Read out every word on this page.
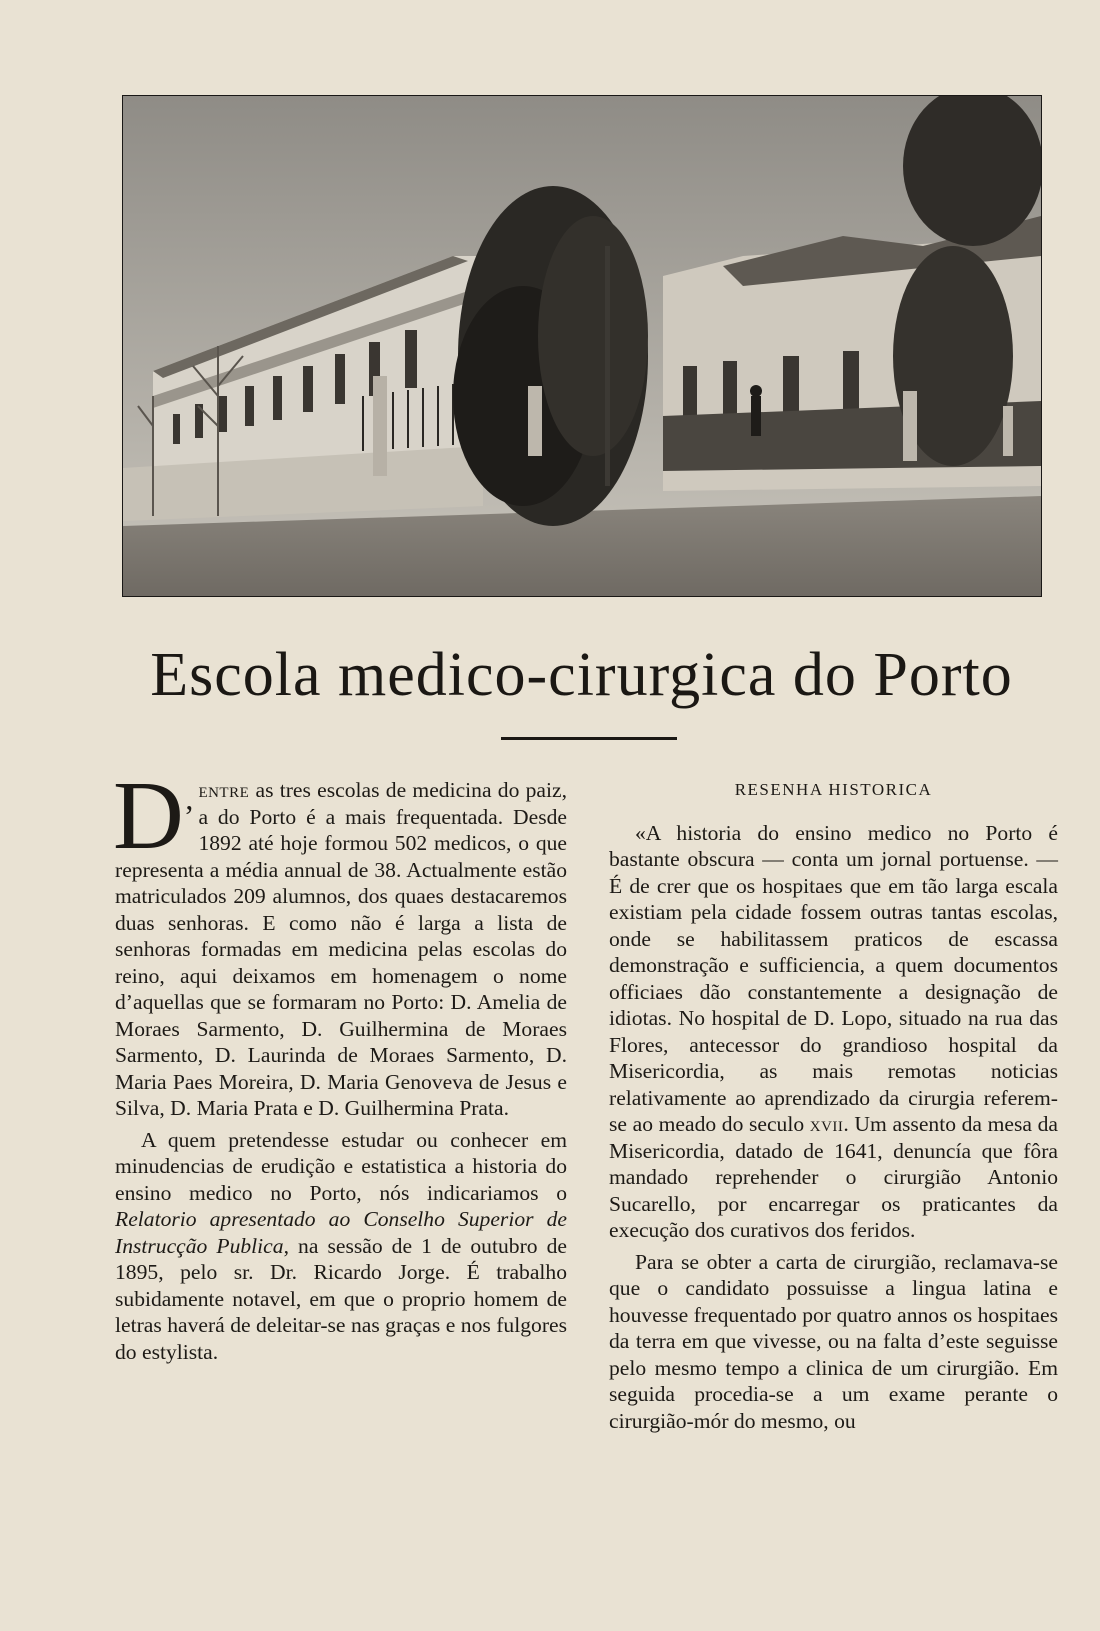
Escola medico-cirurgica do Porto

D’
entre as tres escolas de medicina do paiz, a do Porto é a mais frequentada. Desde 1892 até hoje formou 502 medicos, o que representa a média annual de 38. Actualmente estão matriculados 209 alumnos, dos quaes destacaremos duas senhoras. E como não é larga a lista de senhoras formadas em medicina pelas escolas do reino, aqui deixamos em homenagem o nome d’aquellas que se formaram no Porto: D. Amelia de Moraes Sarmento, D. Guilhermina de Moraes Sarmento, D. Laurinda de Moraes Sarmento, D. Maria Paes Moreira, D. Maria Genoveva de Jesus e Silva, D. Maria Prata e D. Guilhermina Prata.

A quem pretendesse estudar ou conhecer em minudencias de erudição e estatistica a historia do ensino medico no Porto, nós indicariamos o Relatorio apresentado ao Conselho Superior de Instrucção Publica, na sessão de 1 de outubro de 1895, pelo sr. Dr. Ricardo Jorge. É trabalho subidamente notavel, em que o proprio homem de letras haverá de deleitar-se nas graças e nos fulgores do estylista.

RESENHA HISTORICA

«A historia do ensino medico no Porto é bastante obscura — conta um jornal portuense. — É de crer que os hospitaes que em tão larga escala existiam pela cidade fossem outras tantas escolas, onde se habilitassem praticos de escassa demonstração e sufficiencia, a quem documentos officiaes dão constantemente a designação de idiotas. No hospital de D. Lopo, situado na rua das Flores, antecessor do grandioso hospital da Misericordia, as mais remotas noticias relativamente ao aprendizado da cirurgia referem-se ao meado do seculo xvii. Um assento da mesa da Misericordia, datado de 1641, denuncía que fôra mandado reprehender o cirurgião Antonio Sucarello, por encarregar os praticantes da execução dos curativos dos feridos.

Para se obter a carta de cirurgião, reclamava-se que o candidato possuisse a lingua latina e houvesse frequentado por quatro annos os hospitaes da terra em que vivesse, ou na falta d’este seguisse pelo mesmo tempo a clinica de um cirurgião. Em seguida procedia-se a um exame perante o cirurgião-mór do mesmo, ou
